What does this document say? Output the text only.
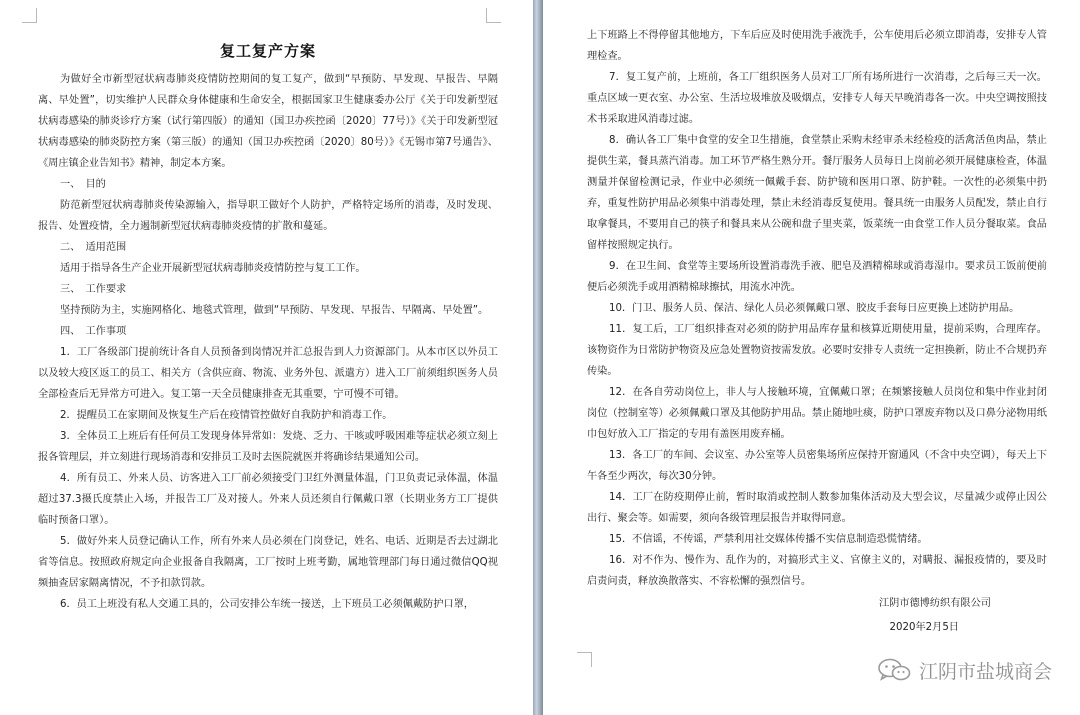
复工复产方案

为做好全市新型冠状病毒肺炎疫情防控期间的复工复产，做到“早预防、早发现、早报告、早隔离、早处置”，切实维护人民群众身体健康和生命安全，根据国家卫生健康委办公厅《关于印发新型冠状病毒感染的肺炎诊疗方案（试行第四版）的通知（国卫办疾控函〔2020〕77号）》《关于印发新型冠状病毒感染的肺炎防控方案（第三版）的通知（国卫办疾控函〔2020〕80号）》《无锡市第7号通告》、《周庄镇企业告知书》精神，制定本方案。

一、　目的

防范新型冠状病毒肺炎传染源输入，指导职工做好个人防护，严格特定场所的消毒，及时发现、报告、处置疫情，全力遏制新型冠状病毒肺炎疫情的扩散和蔓延。

二、　适用范围

适用于指导各生产企业开展新型冠状病毒肺炎疫情防控与复工工作。

三、　工作要求

坚持预防为主，实施网格化、地毯式管理，做到“早预防、早发现、早报告、早隔离、早处置”。

四、　工作事项

1．工厂各级部门提前统计各自人员预备到岗情况并汇总报告到人力资源部门。从本市区以外员工以及较大疫区返工的员工、相关方（含供应商、物流、业务外包、派遣方）进入工厂前须组织医务人员全部检查后无异常方可进入。复工第一天全员健康排查无其重要，宁可慢不可错。

2．提醒员工在家期间及恢复生产后在疫情管控做好自我防护和消毒工作。

3．全体员工上班后有任何员工发现身体异常如：发烧、乏力、干咳或呼吸困难等症状必须立刻上报各管理层，并立刻进行现场消毒和安排员工及时去医院就医并将确诊结果通知公司。

4．所有员工、外来人员、访客进入工厂前必须接受门卫红外测量体温，门卫负责记录体温，体温超过37.3摄氏度禁止入场，并报告工厂及对接人。外来人员还须自行佩戴口罩（长期业务方工厂提供临时预备口罩）。

5．做好外来人员登记确认工作，所有外来人员必须在门岗登记，姓名、电话、近期是否去过湖北省等信息。按照政府规定向企业报备自我隔离，工厂按时上班考勤，属地管理部门每日通过微信QQ视频抽查居家隔离情况，不予扣款罚款。

6．员工上班没有私人交通工具的，公司安排公车统一接送，上下班员工必须佩戴防护口罩，

上下班路上不得停留其他地方，下车后应及时使用洗手液洗手，公车使用后必须立即消毒，安排专人管理检查。

7．复工复产前，上班前，各工厂组织医务人员对工厂所有场所进行一次消毒，之后每三天一次。重点区域一更衣室、办公室、生活垃圾堆放及吸烟点，安排专人每天早晚消毒各一次。中央空调按照技术书采取进风消毒过滤。

8．确认各工厂集中食堂的安全卫生措施，食堂禁止采购未经审杀未经检疫的活禽活鱼肉品，禁止提供生菜，餐具蒸汽消毒。加工环节严格生熟分开。餐厅服务人员每日上岗前必须开展健康检查，体温测量并保留检测记录，作业中必须统一佩戴手套、防护镜和医用口罩、防护鞋。一次性的必须集中扔弃，重复性防护用品必须集中消毒处理，禁止未经消毒反复使用。餐具统一由服务人员配发，禁止自行取拿餐具，不要用自己的筷子和餐具来从公碗和盘子里夹菜，饭菜统一由食堂工作人员分餐取菜。食品留样按照规定执行。

9．在卫生间、食堂等主要场所设置消毒洗手液、肥皂及酒精棉球或消毒湿巾。要求员工饭前便前便后必须洗手或用酒精棉球擦拭，用流水冲洗。

10．门卫、服务人员、保洁、绿化人员必须佩戴口罩、胶皮手套每日应更换上述防护用品。

11．复工后，工厂组织排查对必须的防护用品库存量和核算近期使用量，提前采购，合理库存。该物资作为日常防护物资及应急处置物资按需发放。必要时安排专人责统一定担换新，防止不合规扔弃传染。

12．在各自劳动岗位上，非人与人接触环境，宜佩戴口罩；在频繁接触人员岗位和集中作业封闭岗位（控制室等）必须佩戴口罩及其他防护用品。禁止随地吐痰，防护口罩废弃物以及口鼻分泌物用纸巾包好放入工厂指定的专用有盖医用废弃桶。

13．各工厂的车间、会议室、办公室等人员密集场所应保持开窗通风（不含中央空调），每天上下午各至少两次，每次30分钟。

14．工厂在防疫期停止前，暂时取消或控制人数参加集体活动及大型会议，尽量减少或停止因公出行、聚会等。如需要，须向各级管理层报告并取得同意。

15．不信谣，不传谣，严禁利用社交媒体传播不实信息制造恐慌情绪。

16．对不作为、慢作为、乱作为的，对搞形式主义、官僚主义的，对瞒报、漏报疫情的，要及时启责问责，释放涣散落实、不容松懈的强烈信号。

江阴市德博纺织有限公司
2020年2月5日
江阴市盐城商会
